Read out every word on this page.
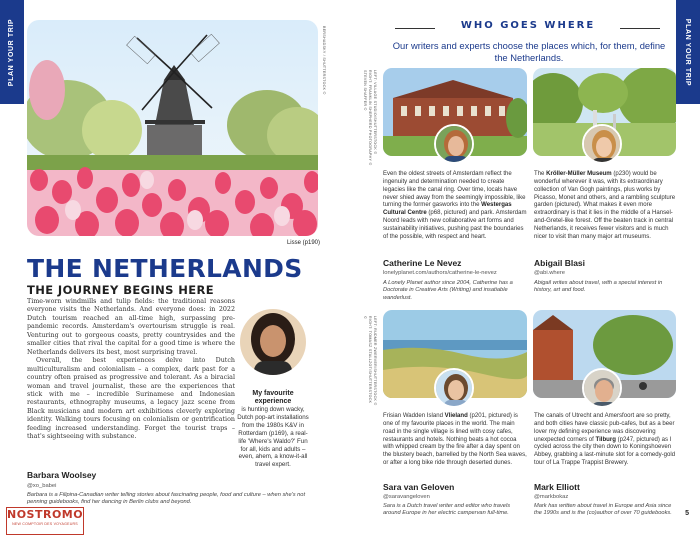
PLAN YOUR TRIP	PLAN YOUR TRIP
BERSHADSKY / SHUTTERSTOCK ©
Lisse (p190)
THE NETHERLANDS
THE JOURNEY BEGINS HERE

Time-worn windmills and tulip fields: the traditional reasons everyone visits the Netherlands. And everyone does: in 2022 Dutch tourism reached an all-time high, surpassing pre-pandemic records. Amsterdam's overtourism struggle is real. Venturing out to gorgeous coasts, pretty countrysides and the smaller cities that rival the capital for a good time is where the Netherlands delivers its best, most surprising travel.

Overall, the best experiences delve into Dutch multiculturalism and colonialism – a complex, dark past for a country often praised as progressive and tolerant. As a biracial woman and travel journalist, these are the experiences that stick with me – incredible Surinamese and Indonesian restaurants, ethnography museums, a legacy jazz scene from Black musicians and modern art exhibitions cleverly exploring identity. Walking tours focusing on colonialism or gentrification feeding increased understanding. Forget the tourist traps – that's sightseeing with substance.

Barbara Woolsey
@xo_babei
Barbara is a Filipina-Canadian writer telling stories about fascinating people, food and culture – when she's not penning guidebooks, find her dancing in Berlin clubs and beyond.
My favourite experience
is hunting down wacky, Dutch pop-art installations from the 1980s K&V in Rotterdam (p169), a real-life 'Where's Waldo?' Fun for all, kids and adults – even, ahem, a know-it-all travel expert.
NOSTROMO
NEW COMPTOIR DES VOYAGEURS
WHO GOES WHERE
Our writers and experts choose the places which, for them, define the Netherlands.
LEFT: VILLAGE STUDIO/SHUTTERSTOCK © RIGHT: FRANKLIN SHEPHERD PHOTOGRAPHY © STEVEN SHAFFER ©
LEFT: RUDMER ZWERVER/SHUTTERSTOCK © RIGHT: TOMASZ STALLZOT/SHUTTERSTOCK ©
Even the oldest streets of Amsterdam reflect the ingenuity and determination needed to create legacies like the canal ring. Over time, locals have never shied away from the seemingly impossible, like turning the former gasworks into the Westergas Cultural Centre (p68, pictured) and park. Amsterdam Noord leads with new collaborative art forms and sustainability initiatives, pushing past the boundaries of the possible, with respect and heart.
Catherine Le Nevez
lonelyplanet.com/authors/catherine-le-nevez
A Lonely Planet author since 2004, Catherine has a Doctorate in Creative Arts (Writing) and insatiable wanderlust.
The Kröller-Müller Museum (p230) would be wonderful wherever it was, with its extraordinary collection of Van Gogh paintings, plus works by Picasso, Monet and others, and a rambling sculpture garden (pictured). What makes it even more extraordinary is that it lies in the middle of a Hansel-and-Gretel-like forest. Off the beaten track in central Netherlands, it receives fewer visitors and is much nicer to visit than many major art museums.
Abigail Blasi
@abi.where
Abigail writes about travel, with a special interest in history, art and food.
Frisian Wadden Island Vlieland (p201, pictured) is one of my favourite places in the world. The main road in the single village is lined with cosy cafes, restaurants and hotels. Nothing beats a hot cocoa with whipped cream by the fire after a day spent on the blustery beach, barrelled by the North Sea waves, or after a long bike ride through deserted dunes.
Sara van Geloven
@saravangeloven
Sara is a Dutch travel writer and editor who travels around Europe in her electric campervan full-time.
The canals of Utrecht and Amersfoort are so pretty, and both cities have classic pub-cafes, but as a beer lover my defining experience was discovering unexpected corners of Tilburg (p247, pictured) as I cycled across the city then down to Koningshoeven Abbey, grabbing a last-minute slot for a comedy-gold tour of La Trappe Trappist Brewery.
Mark Elliott
@markbokaz
Mark has written about travel in Europe and Asia since the 1990s and is the (co)author of over 70 guidebooks.	5
